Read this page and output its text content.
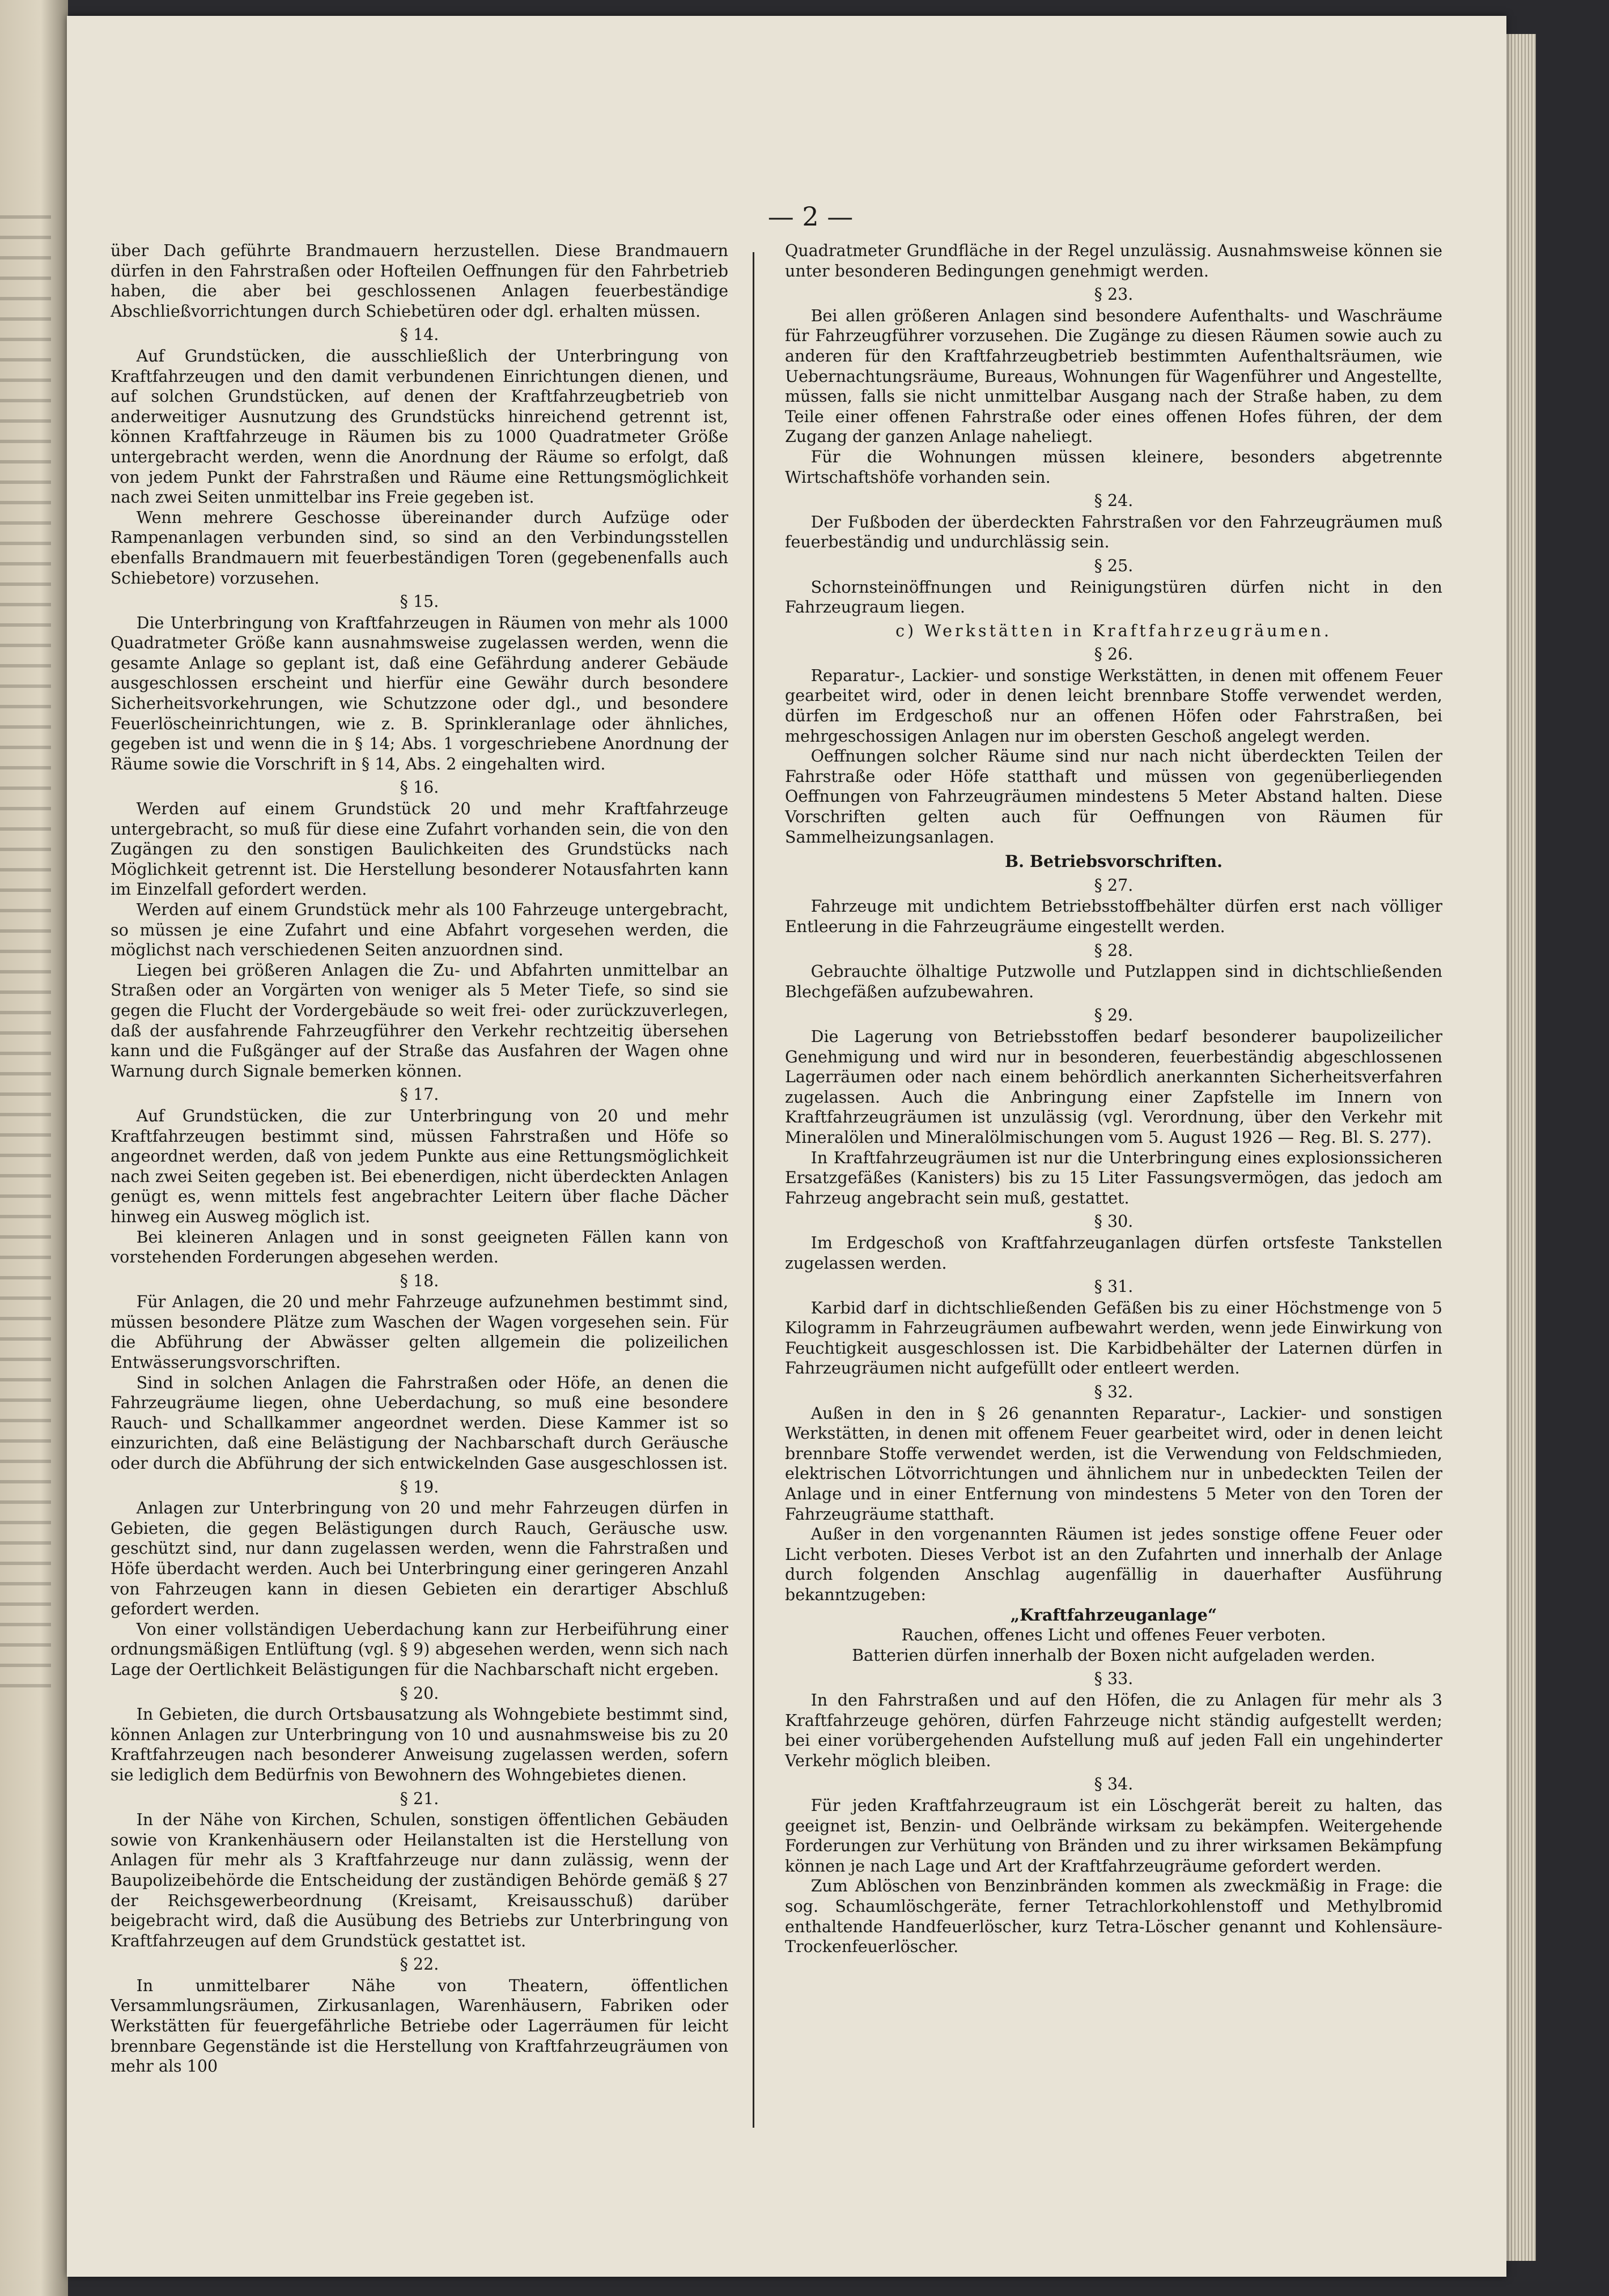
— 2 —

über Dach geführte Brandmauern herzustellen. Diese Brandmauern dürfen in den Fahrstraßen oder Hofteilen Oeffnungen für den Fahrbetrieb haben, die aber bei geschlossenen Anlagen feuerbeständige Abschließvorrichtungen durch Schiebetüren oder dgl. erhalten müssen.

§ 14.

Auf Grundstücken, die ausschließlich der Unterbringung von Kraftfahrzeugen und den damit verbundenen Einrichtungen dienen, und auf solchen Grundstücken, auf denen der Kraftfahrzeugbetrieb von anderweitiger Ausnutzung des Grundstücks hinreichend getrennt ist, können Kraftfahrzeuge in Räumen bis zu 1000 Quadratmeter Größe untergebracht werden, wenn die Anordnung der Räume so erfolgt, daß von jedem Punkt der Fahrstraßen und Räume eine Rettungsmöglichkeit nach zwei Seiten unmittelbar ins Freie gegeben ist.

Wenn mehrere Geschosse übereinander durch Aufzüge oder Rampenanlagen verbunden sind, so sind an den Verbindungsstellen ebenfalls Brandmauern mit feuerbeständigen Toren (gegebenenfalls auch Schiebetore) vorzusehen.

§ 15.

Die Unterbringung von Kraftfahrzeugen in Räumen von mehr als 1000 Quadratmeter Größe kann ausnahmsweise zugelassen werden, wenn die gesamte Anlage so geplant ist, daß eine Gefährdung anderer Gebäude ausgeschlossen erscheint und hierfür eine Gewähr durch besondere Sicherheitsvorkehrungen, wie Schutzzone oder dgl., und besondere Feuerlöscheinrichtungen, wie z. B. Sprinkleranlage oder ähnliches, gegeben ist und wenn die in § 14; Abs. 1 vorgeschriebene Anordnung der Räume sowie die Vorschrift in § 14, Abs. 2 eingehalten wird.

§ 16.

Werden auf einem Grundstück 20 und mehr Kraftfahrzeuge untergebracht, so muß für diese eine Zufahrt vorhanden sein, die von den Zugängen zu den sonstigen Baulichkeiten des Grundstücks nach Möglichkeit getrennt ist. Die Herstellung besonderer Notausfahrten kann im Einzelfall gefordert werden.

Werden auf einem Grundstück mehr als 100 Fahrzeuge untergebracht, so müssen je eine Zufahrt und eine Abfahrt vorgesehen werden, die möglichst nach verschiedenen Seiten anzuordnen sind.

Liegen bei größeren Anlagen die Zu- und Abfahrten unmittelbar an Straßen oder an Vorgärten von weniger als 5 Meter Tiefe, so sind sie gegen die Flucht der Vordergebäude so weit frei- oder zurückzuverlegen, daß der ausfahrende Fahrzeugführer den Verkehr rechtzeitig übersehen kann und die Fußgänger auf der Straße das Ausfahren der Wagen ohne Warnung durch Signale bemerken können.

§ 17.

Auf Grundstücken, die zur Unterbringung von 20 und mehr Kraftfahrzeugen bestimmt sind, müssen Fahrstraßen und Höfe so angeordnet werden, daß von jedem Punkte aus eine Rettungsmöglichkeit nach zwei Seiten gegeben ist. Bei ebenerdigen, nicht überdeckten Anlagen genügt es, wenn mittels fest angebrachter Leitern über flache Dächer hinweg ein Ausweg möglich ist.

Bei kleineren Anlagen und in sonst geeigneten Fällen kann von vorstehenden Forderungen abgesehen werden.

§ 18.

Für Anlagen, die 20 und mehr Fahrzeuge aufzunehmen bestimmt sind, müssen besondere Plätze zum Waschen der Wagen vorgesehen sein. Für die Abführung der Abwässer gelten allgemein die polizeilichen Entwässerungsvorschriften.

Sind in solchen Anlagen die Fahrstraßen oder Höfe, an denen die Fahrzeugräume liegen, ohne Ueberdachung, so muß eine besondere Rauch- und Schallkammer angeordnet werden. Diese Kammer ist so einzurichten, daß eine Belästigung der Nachbarschaft durch Geräusche oder durch die Abführung der sich entwickelnden Gase ausgeschlossen ist.

§ 19.

Anlagen zur Unterbringung von 20 und mehr Fahrzeugen dürfen in Gebieten, die gegen Belästigungen durch Rauch, Geräusche usw. geschützt sind, nur dann zugelassen werden, wenn die Fahrstraßen und Höfe überdacht werden. Auch bei Unterbringung einer geringeren Anzahl von Fahrzeugen kann in diesen Gebieten ein derartiger Abschluß gefordert werden.

Von einer vollständigen Ueberdachung kann zur Herbeiführung einer ordnungsmäßigen Entlüftung (vgl. § 9) abgesehen werden, wenn sich nach Lage der Oertlichkeit Belästigungen für die Nachbarschaft nicht ergeben.

§ 20.

In Gebieten, die durch Ortsbausatzung als Wohngebiete bestimmt sind, können Anlagen zur Unterbringung von 10 und ausnahmsweise bis zu 20 Kraftfahrzeugen nach besonderer Anweisung zugelassen werden, sofern sie lediglich dem Bedürfnis von Bewohnern des Wohngebietes dienen.

§ 21.

In der Nähe von Kirchen, Schulen, sonstigen öffentlichen Gebäuden sowie von Krankenhäusern oder Heilanstalten ist die Herstellung von Anlagen für mehr als 3 Kraftfahrzeuge nur dann zulässig, wenn der Baupolizeibehörde die Entscheidung der zuständigen Behörde gemäß § 27 der Reichsgewerbeordnung (Kreisamt, Kreisausschuß) darüber beigebracht wird, daß die Ausübung des Betriebs zur Unterbringung von Kraftfahrzeugen auf dem Grundstück gestattet ist.

§ 22.

In unmittelbarer Nähe von Theatern, öffentlichen Versammlungsräumen, Zirkusanlagen, Warenhäusern, Fabriken oder Werkstätten für feuergefährliche Betriebe oder Lagerräumen für leicht brennbare Gegenstände ist die Herstellung von Kraftfahrzeugräumen von mehr als 100

Quadratmeter Grundfläche in der Regel unzulässig. Ausnahmsweise können sie unter besonderen Bedingungen genehmigt werden.

§ 23.

Bei allen größeren Anlagen sind besondere Aufenthalts- und Waschräume für Fahrzeugführer vorzusehen. Die Zugänge zu diesen Räumen sowie auch zu anderen für den Kraftfahrzeugbetrieb bestimmten Aufenthaltsräumen, wie Uebernachtungsräume, Bureaus, Wohnungen für Wagenführer und Angestellte, müssen, falls sie nicht unmittelbar Ausgang nach der Straße haben, zu dem Teile einer offenen Fahrstraße oder eines offenen Hofes führen, der dem Zugang der ganzen Anlage naheliegt.

Für die Wohnungen müssen kleinere, besonders abgetrennte Wirtschaftshöfe vorhanden sein.

§ 24.

Der Fußboden der überdeckten Fahrstraßen vor den Fahrzeugräumen muß feuerbeständig und undurchlässig sein.

§ 25.

Schornsteinöffnungen und Reinigungstüren dürfen nicht in den Fahrzeugraum liegen.

c) Werkstätten in Kraftfahrzeugräumen.
§ 26.

Reparatur-, Lackier- und sonstige Werkstätten, in denen mit offenem Feuer gearbeitet wird, oder in denen leicht brennbare Stoffe verwendet werden, dürfen im Erdgeschoß nur an offenen Höfen oder Fahrstraßen, bei mehrgeschossigen Anlagen nur im obersten Geschoß angelegt werden.

Oeffnungen solcher Räume sind nur nach nicht überdeckten Teilen der Fahrstraße oder Höfe statthaft und müssen von gegenüberliegenden Oeffnungen von Fahrzeugräumen mindestens 5 Meter Abstand halten. Diese Vorschriften gelten auch für Oeffnungen von Räumen für Sammelheizungsanlagen.

B. Betriebsvorschriften.
§ 27.

Fahrzeuge mit undichtem Betriebsstoffbehälter dürfen erst nach völliger Entleerung in die Fahrzeugräume eingestellt werden.

§ 28.

Gebrauchte ölhaltige Putzwolle und Putzlappen sind in dichtschließenden Blechgefäßen aufzubewahren.

§ 29.

Die Lagerung von Betriebsstoffen bedarf besonderer baupolizeilicher Genehmigung und wird nur in besonderen, feuerbeständig abgeschlossenen Lagerräumen oder nach einem behördlich anerkannten Sicherheitsverfahren zugelassen. Auch die Anbringung einer Zapfstelle im Innern von Kraftfahrzeugräumen ist unzulässig (vgl. Verordnung, über den Verkehr mit Mineralölen und Mineralölmischungen vom 5. August 1926 — Reg. Bl. S. 277).

In Kraftfahrzeugräumen ist nur die Unterbringung eines explosionssicheren Ersatzgefäßes (Kanisters) bis zu 15 Liter Fassungsvermögen, das jedoch am Fahrzeug angebracht sein muß, gestattet.

§ 30.

Im Erdgeschoß von Kraftfahrzeuganlagen dürfen ortsfeste Tankstellen zugelassen werden.

§ 31.

Karbid darf in dichtschließenden Gefäßen bis zu einer Höchstmenge von 5 Kilogramm in Fahrzeugräumen aufbewahrt werden, wenn jede Einwirkung von Feuchtigkeit ausgeschlossen ist. Die Karbidbehälter der Laternen dürfen in Fahrzeugräumen nicht aufgefüllt oder entleert werden.

§ 32.

Außen in den in § 26 genannten Reparatur-, Lackier- und sonstigen Werkstätten, in denen mit offenem Feuer gearbeitet wird, oder in denen leicht brennbare Stoffe verwendet werden, ist die Verwendung von Feldschmieden, elektrischen Lötvorrichtungen und ähnlichem nur in unbedeckten Teilen der Anlage und in einer Entfernung von mindestens 5 Meter von den Toren der Fahrzeugräume statthaft.

Außer in den vorgenannten Räumen ist jedes sonstige offene Feuer oder Licht verboten. Dieses Verbot ist an den Zufahrten und innerhalb der Anlage durch folgenden Anschlag augenfällig in dauerhafter Ausführung bekanntzugeben:

„Kraftfahrzeuganlage“
Rauchen, offenes Licht und offenes Feuer verboten.
Batterien dürfen innerhalb der Boxen nicht aufgeladen werden.
§ 33.

In den Fahrstraßen und auf den Höfen, die zu Anlagen für mehr als 3 Kraftfahrzeuge gehören, dürfen Fahrzeuge nicht ständig aufgestellt werden; bei einer vorübergehenden Aufstellung muß auf jeden Fall ein ungehinderter Verkehr möglich bleiben.

§ 34.

Für jeden Kraftfahrzeugraum ist ein Löschgerät bereit zu halten, das geeignet ist, Benzin- und Oelbrände wirksam zu bekämpfen. Weitergehende Forderungen zur Verhütung von Bränden und zu ihrer wirksamen Bekämpfung können je nach Lage und Art der Kraftfahrzeugräume gefordert werden.

Zum Ablöschen von Benzinbränden kommen als zweckmäßig in Frage: die sog. Schaumlöschgeräte, ferner Tetrachlorkohlenstoff und Methylbromid enthaltende Handfeuerlöscher, kurz Tetra-Löscher genannt und Kohlensäure-Trockenfeuerlöscher.
